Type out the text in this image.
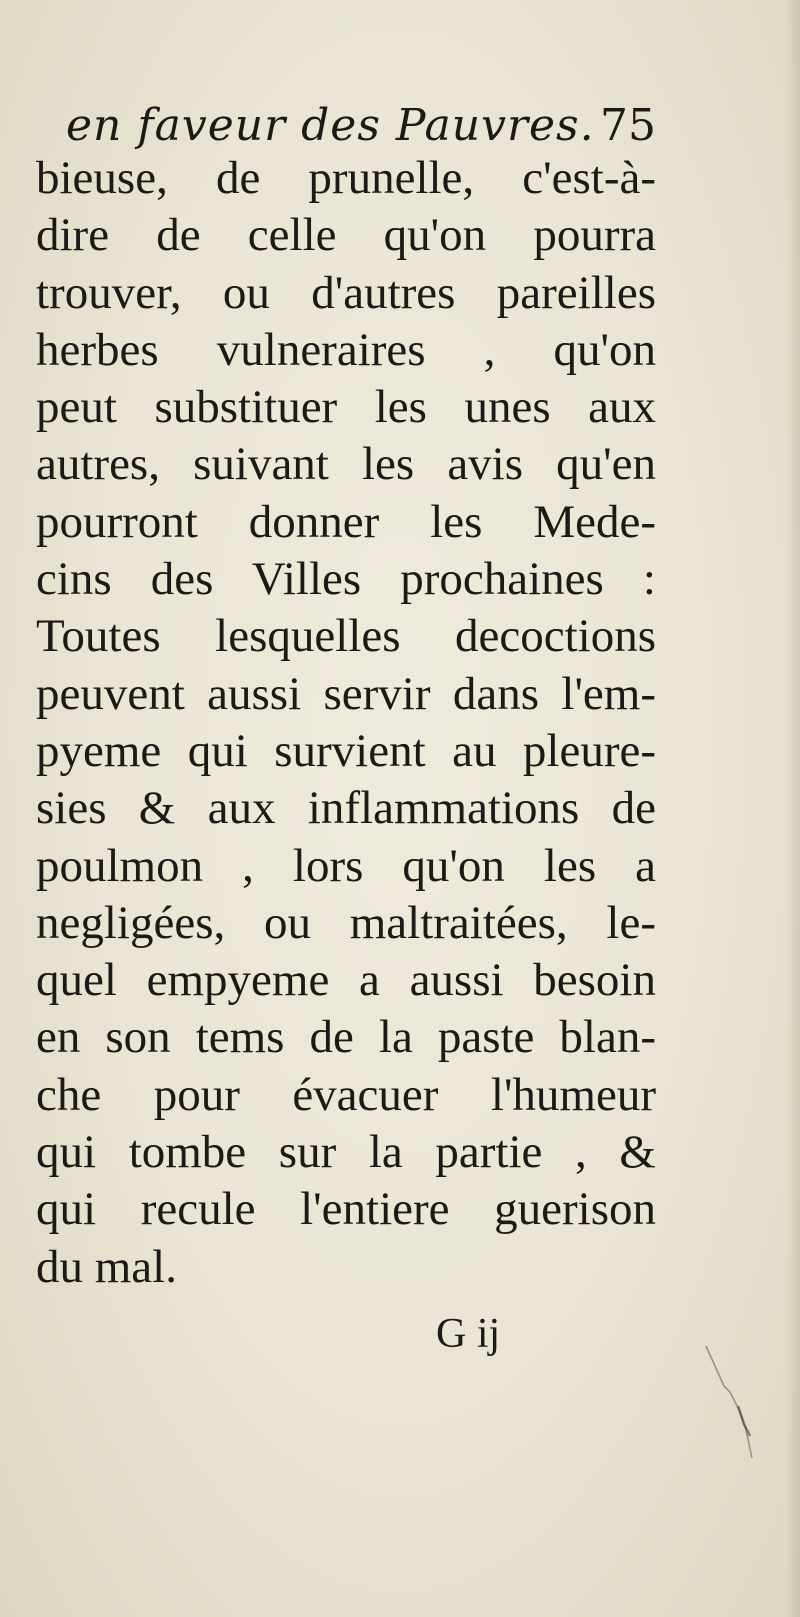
en faveur des Pauvres. 75
bieuse, de prunelle, c'est-à-
dire de celle qu'on pourra
trouver, ou d'autres pareilles
herbes vulneraires , qu'on
peut substituer les unes aux
autres, suivant les avis qu'en
pourront donner les Mede-
cins des Villes prochaines :
Toutes lesquelles decoctions
peuvent aussi servir dans l'em-
pyeme qui survient au pleure-
sies & aux inflammations de
poulmon , lors qu'on les a
negligées, ou maltraitées, le-
quel empyeme a aussi besoin
en son tems de la paste blan-
che pour évacuer l'humeur
qui tombe sur la partie , &
qui recule l'entiere guerison
du mal.
G ij
